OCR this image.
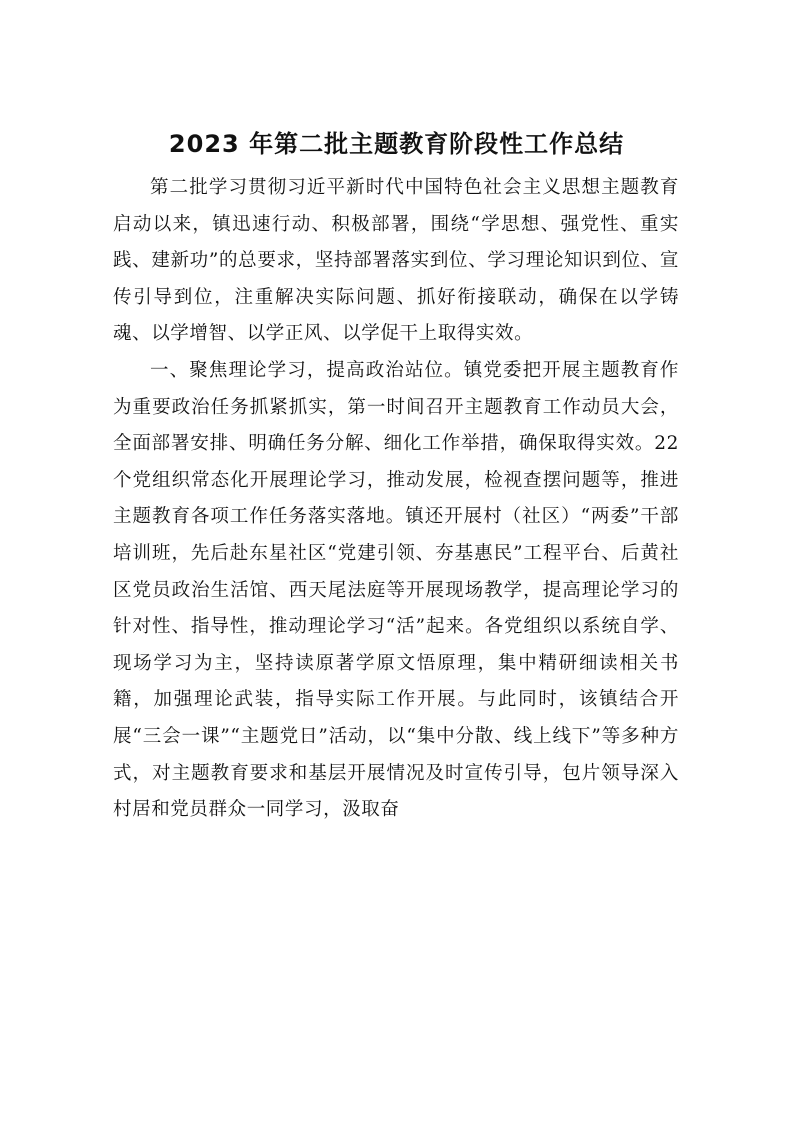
2023 年第二批主题教育阶段性工作总结

第二批学习贯彻习近平新时代中国特色社会主义思想主题教育启动以来，镇迅速行动、积极部署，围绕“学思想、强党性、重实践、建新功”的总要求，坚持部署落实到位、学习理论知识到位、宣传引导到位，注重解决实际问题、抓好衔接联动，确保在以学铸魂、以学增智、以学正风、以学促干上取得实效。

一、聚焦理论学习，提高政治站位。镇党委把开展主题教育作为重要政治任务抓紧抓实，第一时间召开主题教育工作动员大会，全面部署安排、明确任务分解、细化工作举措，确保取得实效。22 个党组织常态化开展理论学习，推动发展，检视查摆问题等，推进主题教育各项工作任务落实落地。镇还开展村（社区）“两委”干部培训班，先后赴东星社区“党建引领、夯基惠民”工程平台、后黄社区党员政治生活馆、西天尾法庭等开展现场教学，提高理论学习的针对性、指导性，推动理论学习“活”起来。各党组织以系统自学、现场学习为主，坚持读原著学原文悟原理，集中精研细读相关书籍，加强理论武装，指导实际工作开展。与此同时，该镇结合开展“三会一课”“主题党日”活动，以“集中分散、线上线下”等多种方式，对主题教育要求和基层开展情况及时宣传引导，包片领导深入村居和党员群众一同学习，汲取奋
